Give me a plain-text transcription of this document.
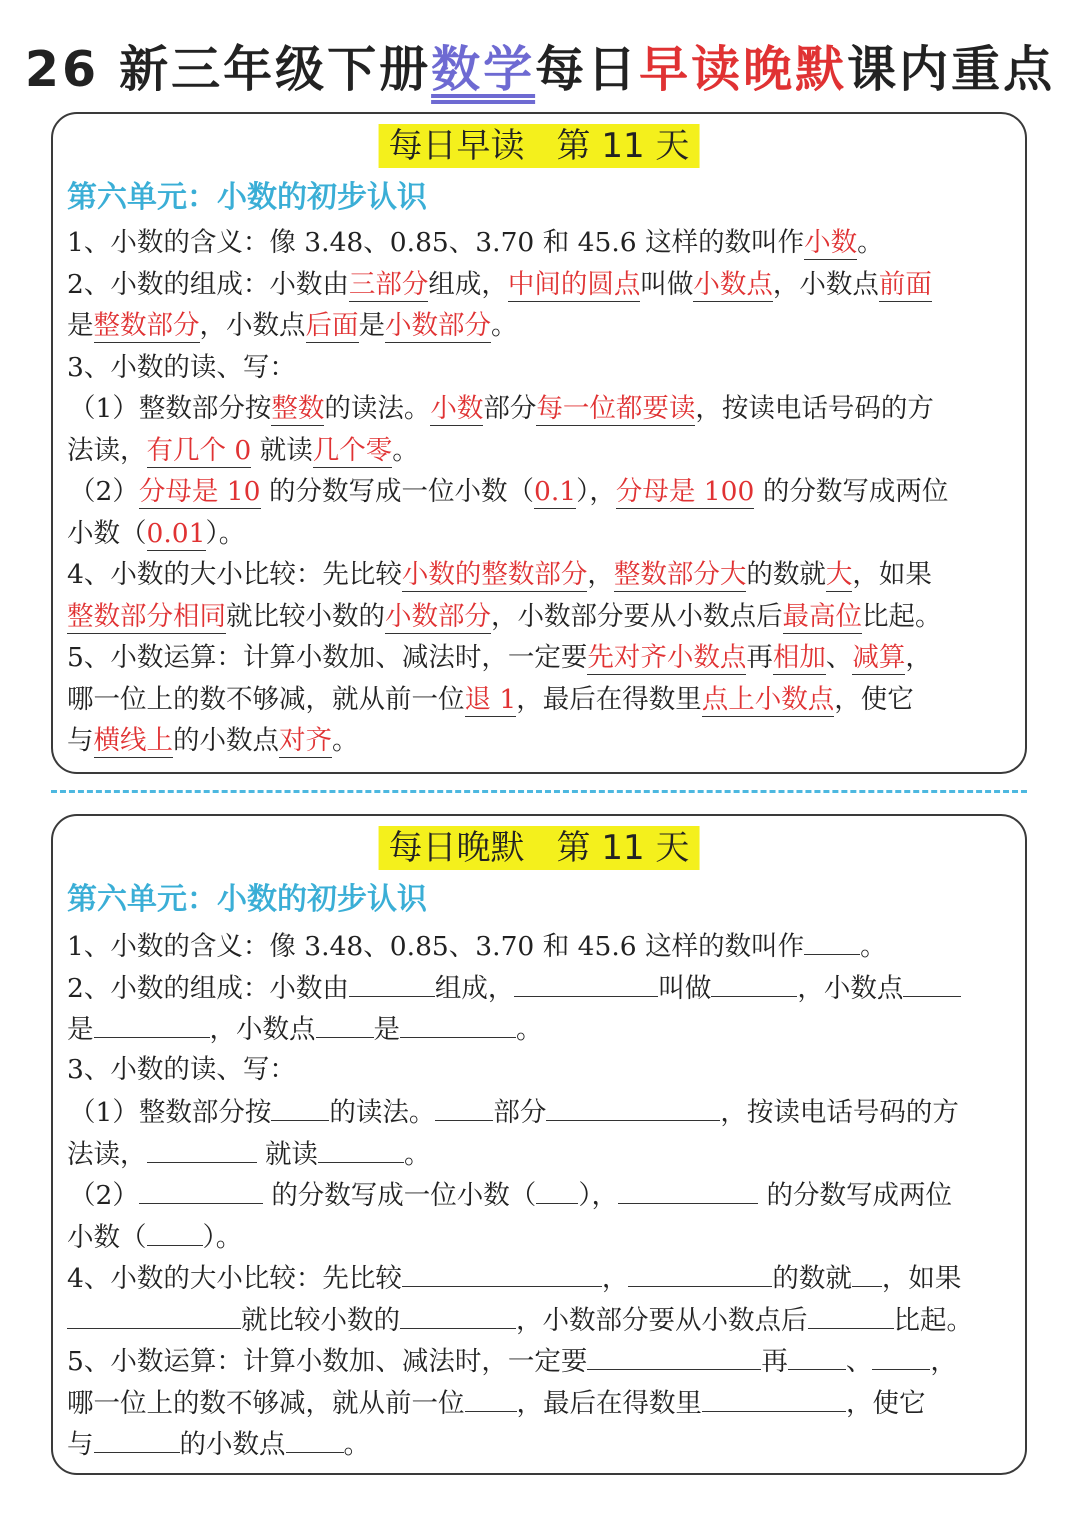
26 新三年级下册数学每日早读晚默课内重点
每日早读 第 11 天
第六单元：小数的初步认识
1、小数的含义：像 3.48、0.85、3.70 和 45.6 这样的数叫作小数。
2、小数的组成：小数由三部分组成，中间的圆点叫做小数点，小数点前面
是整数部分，小数点后面是小数部分。
3、小数的读、写：
（1）整数部分按整数的读法。小数部分每一位都要读，按读电话号码的方
法读，有几个 0 就读几个零。
（2）分母是 10 的分数写成一位小数（0.1），分母是 100 的分数写成两位
小数（0.01）。
4、小数的大小比较：先比较小数的整数部分，整数部分大的数就大，如果
整数部分相同就比较小数的小数部分，小数部分要从小数点后最高位比起。
5、小数运算：计算小数加、减法时，一定要先对齐小数点再相加、减算，
哪一位上的数不够减，就从前一位退 1，最后在得数里点上小数点，使它
与横线上的小数点对齐。
每日晚默 第 11 天
第六单元：小数的初步认识
1、小数的含义：像 3.48、0.85、3.70 和 45.6 这样的数叫作 。
2、小数的组成：小数由	组成，	叫做	，小数点
是	，小数点 是	。
3、小数的读、写：
（1）整数部分按 的读法。 部分	，按读电话号码的方
法读，	就读	。
（2）	的分数写成一位小数（ ），	的分数写成两位
小数（ ）。
4、小数的大小比较：先比较	，	的数就 ，如果
就比较小数的	，小数部分要从小数点后	比起。
5、小数运算：计算小数加、减法时，一定要	再 、 ，
哪一位上的数不够减，就从前一位 ，最后在得数里	，使它
与	的小数点 。
